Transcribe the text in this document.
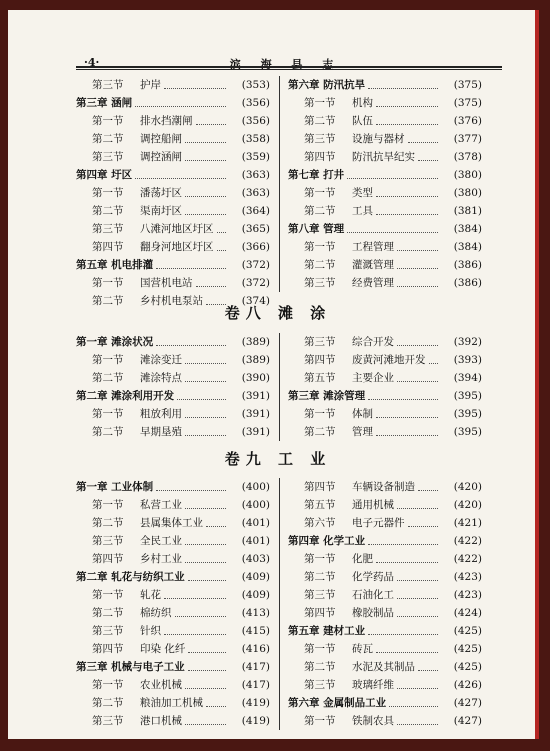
·4·	滨 海 县 志
第三节 护岸	(353)
第三章 涵闸	(356)
第一节 排水挡潮闸	(356)
第二节 调控船闸	(358)
第三节 调控涵闸	(359)
第四章 圩区	(363)
第一节 潘荡圩区	(363)
第二节 渠南圩区	(364)
第三节 八滩河地区圩区	(365)
第四节 翻身河地区圩区	(366)
第五章 机电排灌	(372)
第一节 国营机电站	(372)
第二节 乡村机电泵站	(374)
第六章 防汛抗旱	(375)
第一节 机构	(375)
第二节 队伍	(376)
第三节 设施与器材	(377)
第四节 防汛抗旱纪实	(378)
第七章 打井	(380)
第一节 类型	(380)
第二节 工具	(381)
第八章 管理	(384)
第一节 工程管理	(384)
第二节 灌溉管理	(386)
第三节 经费管理	(386)
卷八 滩 涂
第一章 滩涂状况	(389)
第一节 滩涂变迁	(389)
第二节 滩涂特点	(390)
第二章 滩涂利用开发	(391)
第一节 粗放利用	(391)
第二节 早期垦殖	(391)
第三节 综合开发	(392)
第四节 废黄河滩地开发	(393)
第五节 主要企业	(394)
第三章 滩涂管理	(395)
第一节 体制	(395)
第二节 管理	(395)
卷九 工 业
第一章 工业体制	(400)
第一节 私营工业	(400)
第二节 县属集体工业	(401)
第三节 全民工业	(401)
第四节 乡村工业	(403)
第二章 轧花与纺织工业	(409)
第一节 轧花	(409)
第二节 棉纺织	(413)
第三节 针织	(415)
第四节 印染 化纤	(416)
第三章 机械与电子工业	(417)
第一节 农业机械	(417)
第二节 粮油加工机械	(419)
第三节 港口机械	(419)
第四节 车辆设备制造	(420)
第五节 通用机械	(420)
第六节 电子元器件	(421)
第四章 化学工业	(422)
第一节 化肥	(422)
第二节 化学药品	(423)
第三节 石油化工	(423)
第四节 橡胶制品	(424)
第五章 建材工业	(425)
第一节 砖瓦	(425)
第二节 水泥及其制品	(425)
第三节 玻璃纤维	(426)
第六章 金属制品工业	(427)
第一节 铁制农具	(427)
